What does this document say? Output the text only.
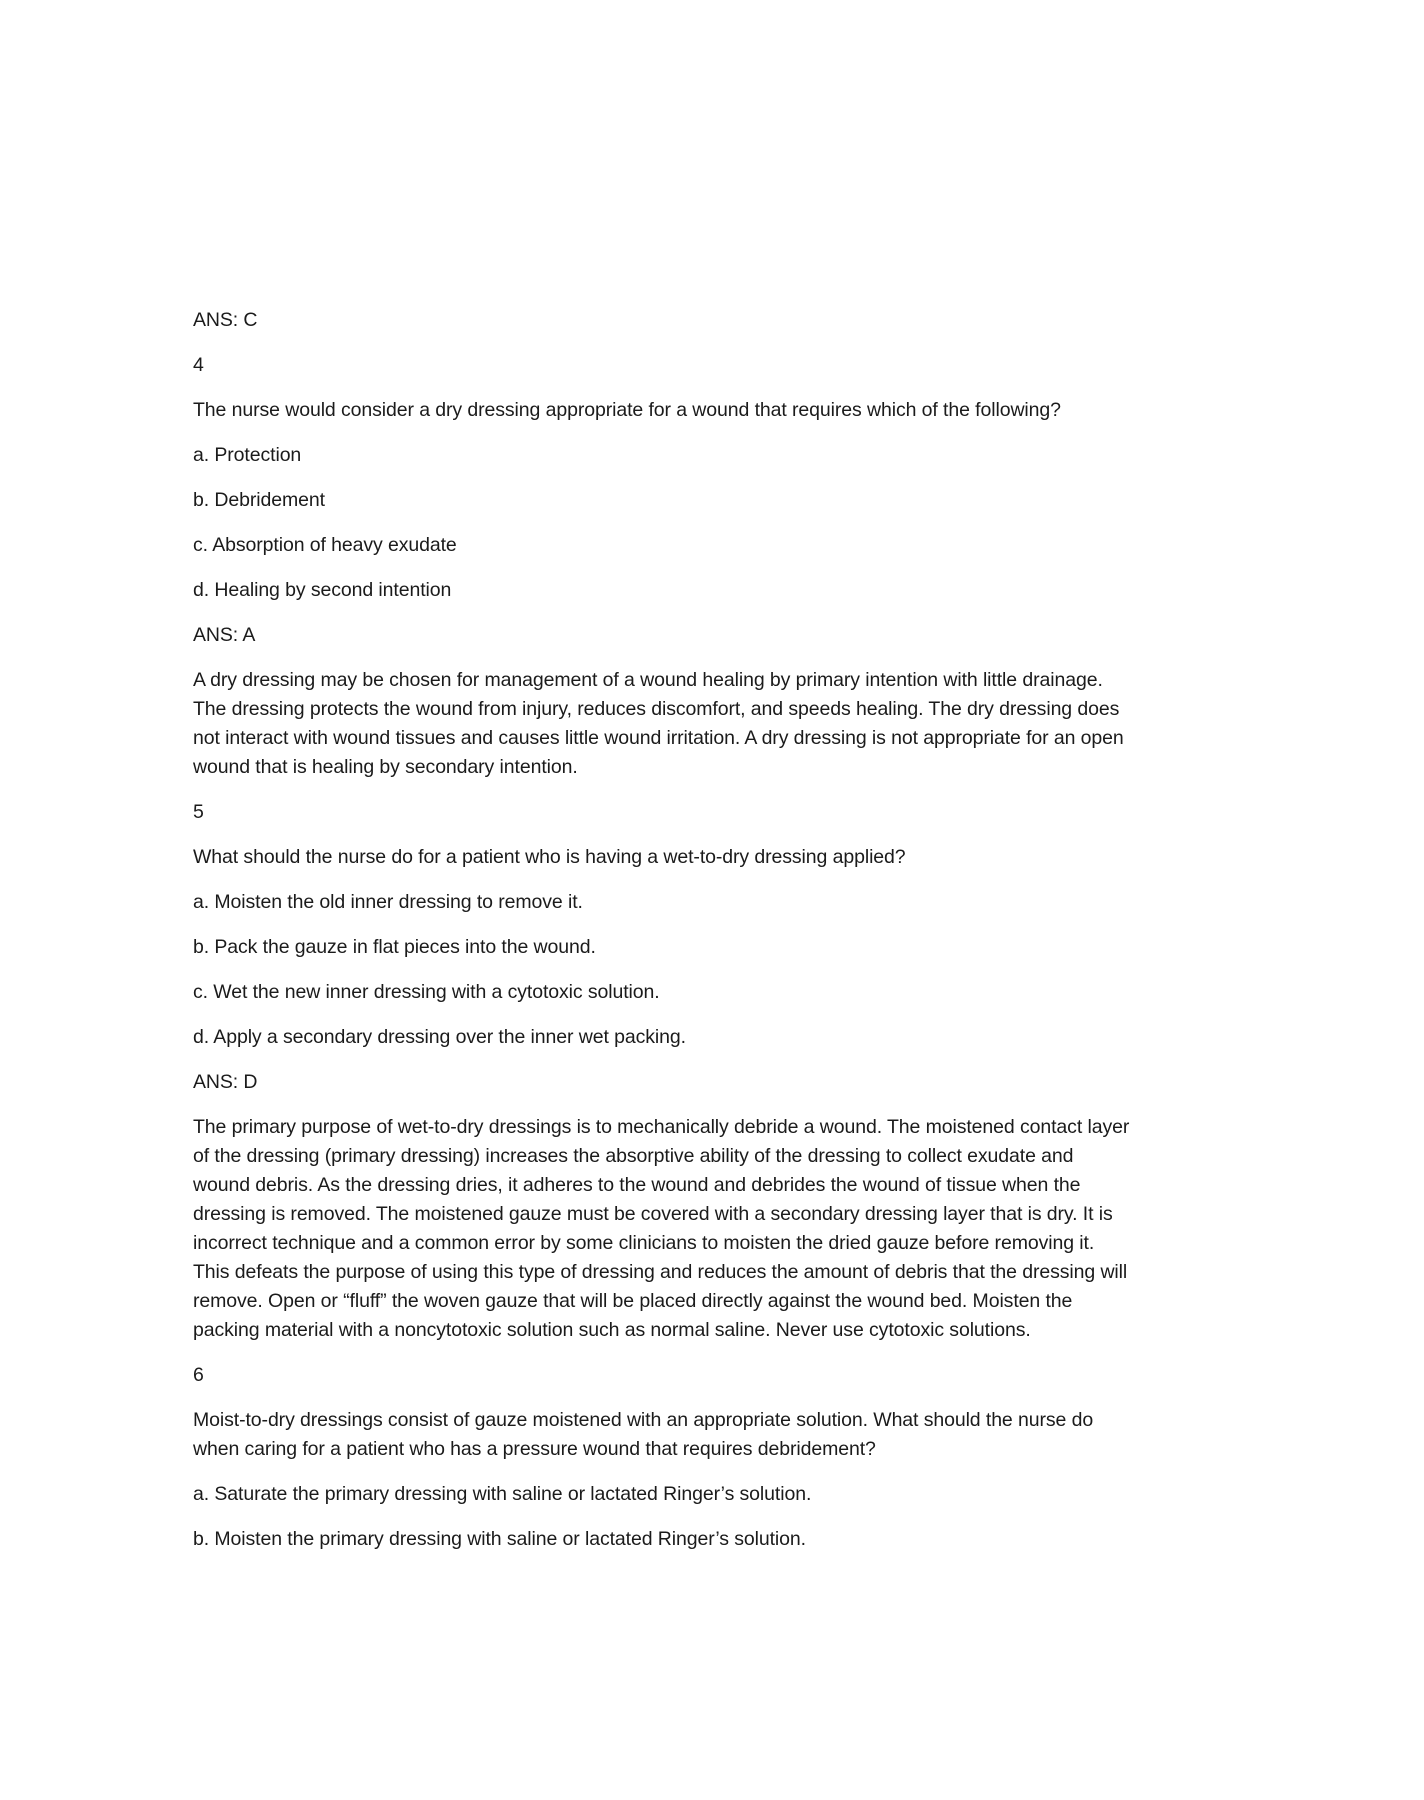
ANS: C

4

The nurse would consider a dry dressing appropriate for a wound that requires which of the following?

a. Protection

b. Debridement

c. Absorption of heavy exudate

d. Healing by second intention

ANS: A

A dry dressing may be chosen for management of a wound healing by primary intention with little drainage. The dressing protects the wound from injury, reduces discomfort, and speeds healing. The dry dressing does not interact with wound tissues and causes little wound irritation. A dry dressing is not appropriate for an open wound that is healing by secondary intention.

5

What should the nurse do for a patient who is having a wet-to-dry dressing applied?

a. Moisten the old inner dressing to remove it.

b. Pack the gauze in flat pieces into the wound.

c. Wet the new inner dressing with a cytotoxic solution.

d. Apply a secondary dressing over the inner wet packing.

ANS: D

The primary purpose of wet-to-dry dressings is to mechanically debride a wound. The moistened contact layer of the dressing (primary dressing) increases the absorptive ability of the dressing to collect exudate and wound debris. As the dressing dries, it adheres to the wound and debrides the wound of tissue when the dressing is removed. The moistened gauze must be covered with a secondary dressing layer that is dry. It is incorrect technique and a common error by some clinicians to moisten the dried gauze before removing it. This defeats the purpose of using this type of dressing and reduces the amount of debris that the dressing will remove. Open or “fluff” the woven gauze that will be placed directly against the wound bed. Moisten the packing material with a noncytotoxic solution such as normal saline. Never use cytotoxic solutions.

6

Moist-to-dry dressings consist of gauze moistened with an appropriate solution. What should the nurse do when caring for a patient who has a pressure wound that requires debridement?

a. Saturate the primary dressing with saline or lactated Ringer’s solution.

b. Moisten the primary dressing with saline or lactated Ringer’s solution.
